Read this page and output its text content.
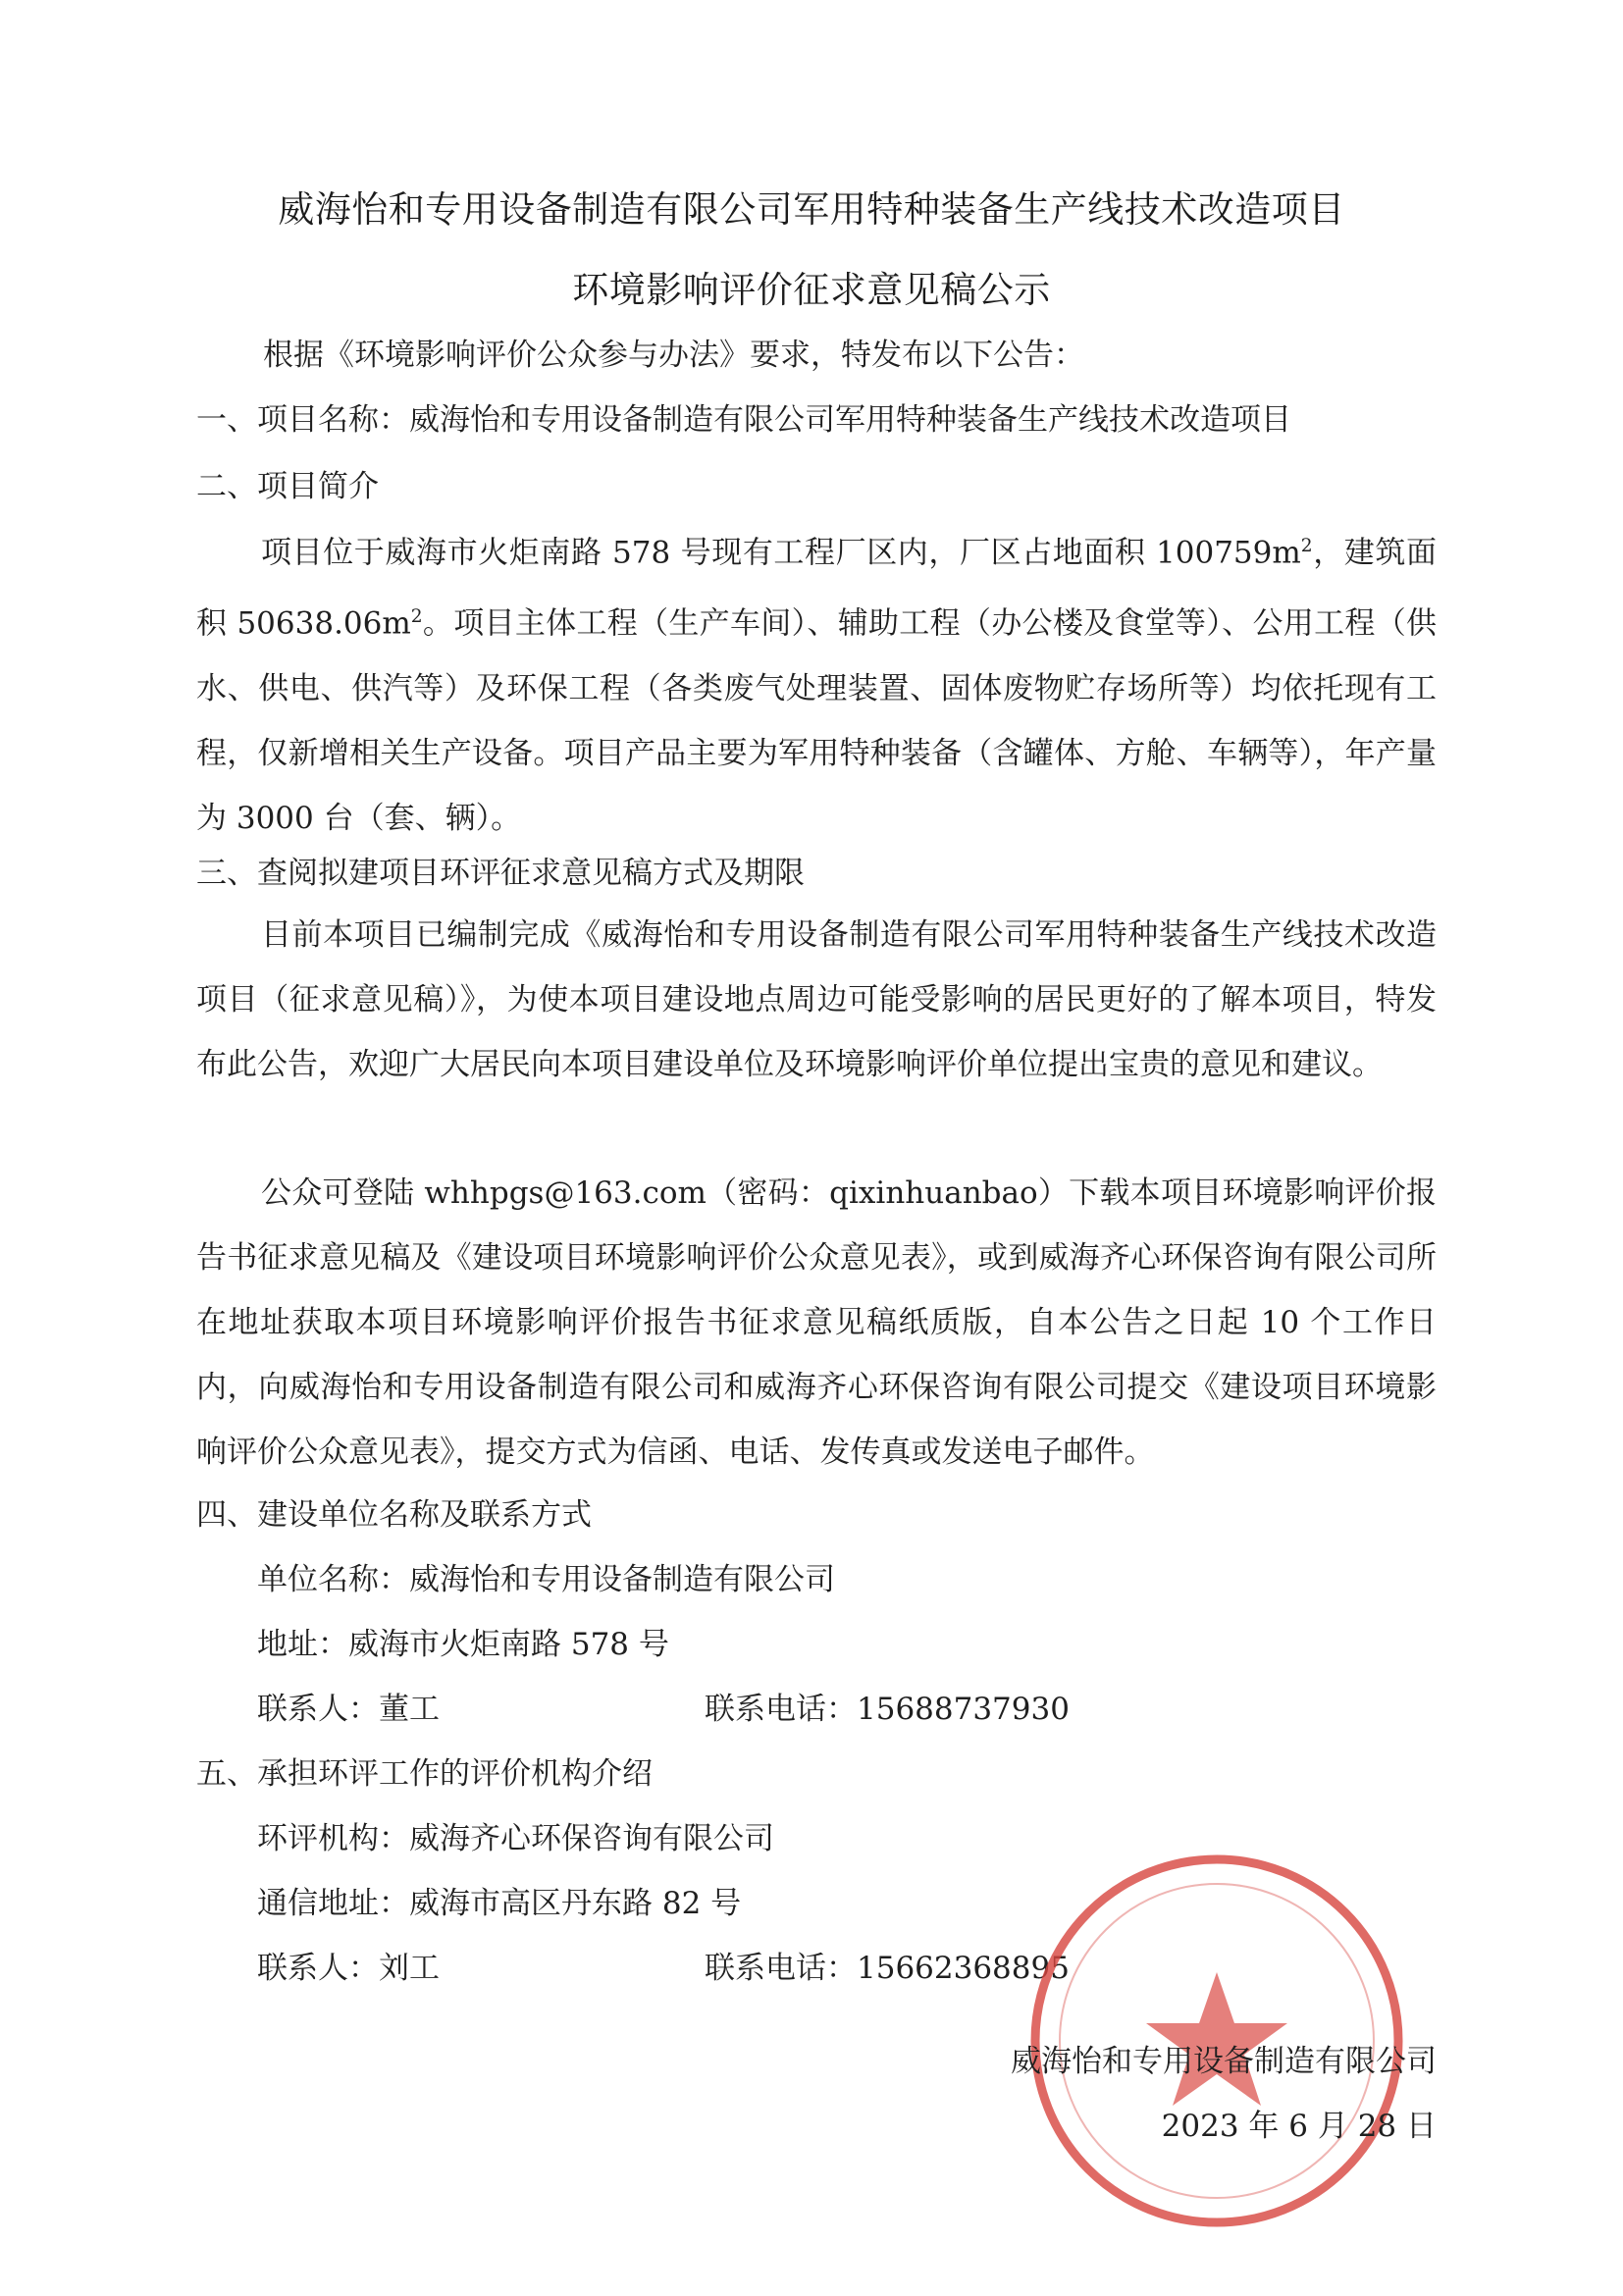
威海怡和专用设备制造有限公司军用特种装备生产线技术改造项目
环境影响评价征求意见稿公示
根据《环境影响评价公众参与办法》要求，特发布以下公告：
一、项目名称：威海怡和专用设备制造有限公司军用特种装备生产线技术改造项目
二、项目简介
项目位于威海市火炬南路 578 号现有工程厂区内，厂区占地面积 $100759m^2$，建筑面积 $50638.06m^2$。项目主体工程（生产车间）、辅助工程（办公楼及食堂等）、公用工程（供水、供电、供汽等）及环保工程（各类废气处理装置、固体废物贮存场所等）均依托现有工程，仅新增相关生产设备。项目产品主要为军用特种装备（含罐体、方舱、车辆等），年产量为 3000 台（套、辆）。
三、查阅拟建项目环评征求意见稿方式及期限
目前本项目已编制完成《威海怡和专用设备制造有限公司军用特种装备生产线技术改造项目（征求意见稿）》，为使本项目建设地点周边可能受影响的居民更好的了解本项目，特发布此公告，欢迎广大居民向本项目建设单位及环境影响评价单位提出宝贵的意见和建议。
公众可登陆 whhpgs@163.com（密码：qixinhuanbao）下载本项目环境影响评价报告书征求意见稿及《建设项目环境影响评价公众意见表》，或到威海齐心环保咨询有限公司所在地址获取本项目环境影响评价报告书征求意见稿纸质版，自本公告之日起 10 个工作日内，向威海怡和专用设备制造有限公司和威海齐心环保咨询有限公司提交《建设项目环境影响评价公众意见表》，提交方式为信函、电话、发传真或发送电子邮件。
四、建设单位名称及联系方式
单位名称：威海怡和专用设备制造有限公司
地址：威海市火炬南路 578 号
联系人：董工	联系电话：15688737930
五、承担环评工作的评价机构介绍
环评机构：威海齐心环保咨询有限公司
通信地址：威海市高区丹东路 82 号
联系人：刘工	联系电话：15662368895
威海怡和专用设备制造有限公司
2023 年 6 月 28 日
